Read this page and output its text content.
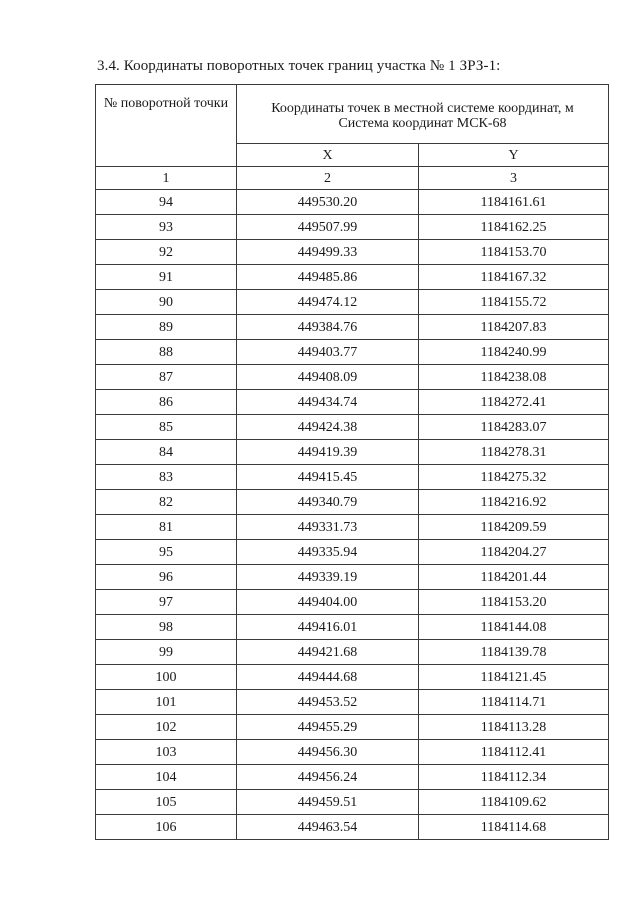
3.4. Координаты поворотных точек границ участка № 1 ЗРЗ-1:
№ поворотной точки	Координаты точек в местной системе координат, м
Система координат МСК-68	

	X	Y
1	2	3
94	449530.20	1184161.61
93	449507.99	1184162.25
92	449499.33	1184153.70
91	449485.86	1184167.32
90	449474.12	1184155.72
89	449384.76	1184207.83
88	449403.77	1184240.99
87	449408.09	1184238.08
86	449434.74	1184272.41
85	449424.38	1184283.07
84	449419.39	1184278.31
83	449415.45	1184275.32
82	449340.79	1184216.92
81	449331.73	1184209.59
95	449335.94	1184204.27
96	449339.19	1184201.44
97	449404.00	1184153.20
98	449416.01	1184144.08
99	449421.68	1184139.78
100	449444.68	1184121.45
101	449453.52	1184114.71
102	449455.29	1184113.28
103	449456.30	1184112.41
104	449456.24	1184112.34
105	449459.51	1184109.62
106	449463.54	1184114.68
